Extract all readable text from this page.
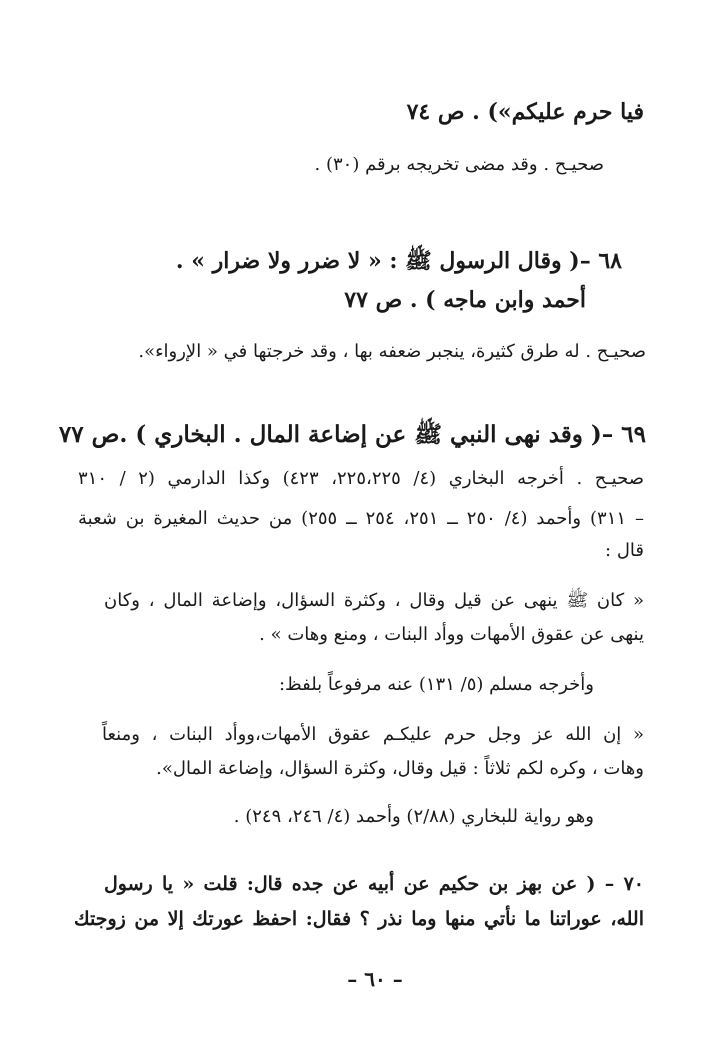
فيا حرم عليكم») . ص ٧٤
صحيـح . وقد مضى تخريجه برقم (٣٠) .
٦٨ –( وقال الرسول ﷺ : « لا ضرر ولا ضرار » .
أحمد وابن ماجه ) . ص ٧٧
صحيـح . له طرق كثيرة، ينجبر ضعفه بها ، وقد خرجتها في « الإرواء».
٦٩ –( وقد نهى النبي ﷺ عن إضاعة المال . البخاري ) .ص ٧٧
صحيـح . أخرجه البخاري (٤/ ٢٢٥،٢٢٥، ٤٢٣) وكذا الدارمي (٢ / ٣١٠
– ٣١١) وأحمد (٤/ ٢٥٠ ــ ٢٥١، ٢٥٤ ــ ٢٥٥) من حديث المغيرة بن شعبة
قال :
« كان ﷺ ينهى عن قيل وقال ، وكثرة السؤال، وإضاعة المال ، وكان
ينهى عن عقوق الأمهات ووأد البنات ، ومنع وهات » .
وأخرجه مسلم (٥/ ١٣١) عنه مرفوعاً بلفظ:
« إن الله عز وجل حرم عليكـم عقوق الأمهات،ووأد البنات ، ومنعاً
وهات ، وكره لكم ثلاثاً : قيل وقال، وكثرة السؤال، وإضاعة المال».
وهو رواية للبخاري (٢/٨٨) وأحمد (٤/ ٢٤٦، ٢٤٩) .
٧٠ – ( عن بهز بن حكيم عن أبيه عن جده قال: قلت « يا رسول
الله، عوراتنا ما نأتي منها وما نذر ؟ فقال: احفظ عورتك إلا من زوجتك
– ٦٠ –
